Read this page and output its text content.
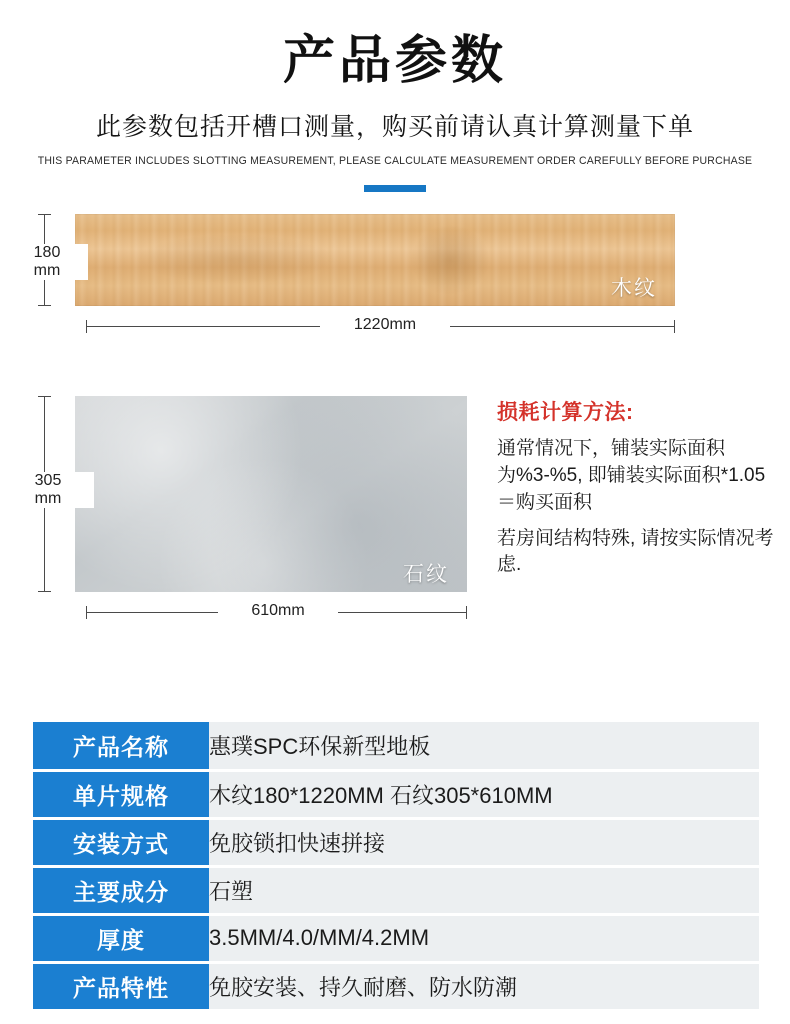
产品参数
此参数包括开槽口测量，购买前请认真计算测量下单
THIS PARAMETER INCLUDES SLOTTING MEASUREMENT, PLEASE CALCULATE MEASUREMENT ORDER CAREFULLY BEFORE PURCHASE
木纹
180
mm
1220mm
石纹
305
mm
610mm
损耗计算方法:
通常情况下，铺装实际面积为%3-%5, 即铺装实际面积*1.05＝购买面积
若房间结构特殊, 请按实际情况考虑.
产品名称	惠璞SPC环保新型地板
单片规格	木纹180*1220MM 石纹305*610MM
安装方式	免胶锁扣快速拼接
主要成分	石塑
厚度	3.5MM/4.0/MM/4.2MM
产品特性	免胶安装、持久耐磨、防水防潮
